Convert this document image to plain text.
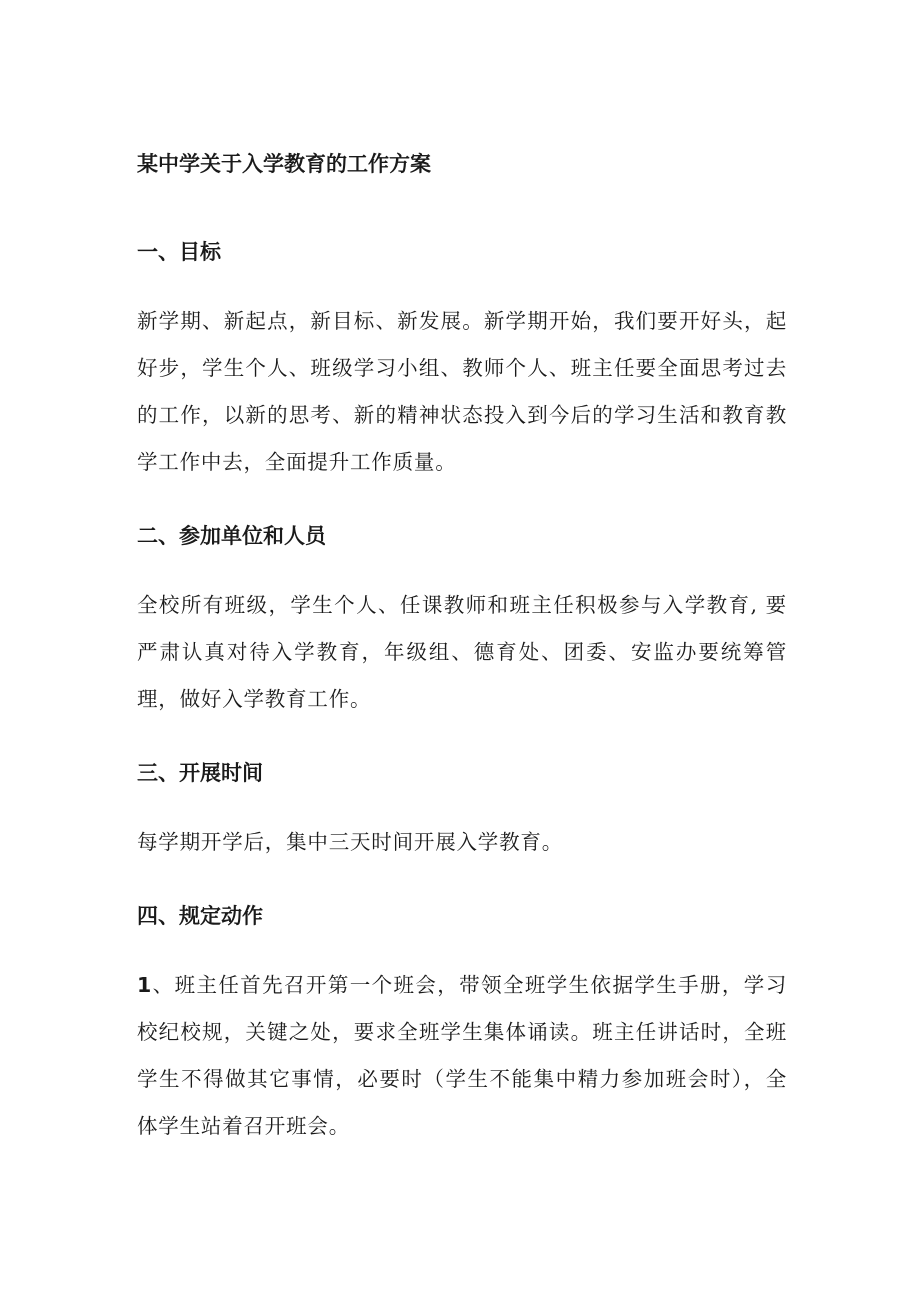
某中学关于入学教育的工作方案
一、目标
新学期、新起点，新目标、新发展。新学期开始，我们要开好头，起好步，学生个人、班级学习小组、教师个人、班主任要全面思考过去的工作，以新的思考、新的精神状态投入到今后的学习生活和教育教学工作中去，全面提升工作质量。
二、参加单位和人员
全校所有班级，学生个人、任课教师和班主任积极参与入学教育, 要严肃认真对待入学教育，年级组、德育处、团委、安监办要统筹管理，做好入学教育工作。
三、开展时间
每学期开学后，集中三天时间开展入学教育。
四、规定动作
1、班主任首先召开第一个班会，带领全班学生依据学生手册，学习校纪校规，关键之处，要求全班学生集体诵读。班主任讲话时，全班学生不得做其它事情，必要时（学生不能集中精力参加班会时），全体学生站着召开班会。
